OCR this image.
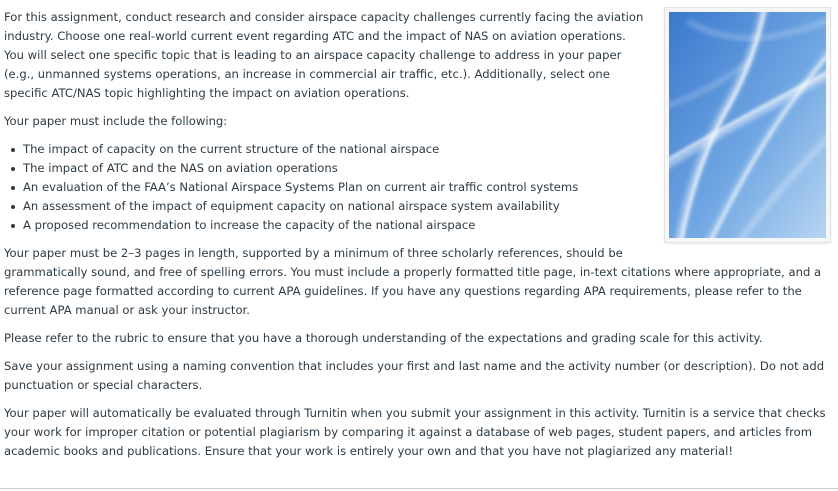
For this assignment, conduct research and consider airspace capacity challenges currently facing the aviation industry. Choose one real-world current event regarding ATC and the impact of NAS on aviation operations. You will select one specific topic that is leading to an airspace capacity challenge to address in your paper (e.g., unmanned systems operations, an increase in commercial air traffic, etc.). Additionally, select one specific ATC/NAS topic highlighting the impact on aviation operations.

Your paper must include the following:

The impact of capacity on the current structure of the national airspace
The impact of ATC and the NAS on aviation operations
An evaluation of the FAA’s National Airspace Systems Plan on current air traffic control systems
An assessment of the impact of equipment capacity on national airspace system availability
A proposed recommendation to increase the capacity of the national airspace

Your paper must be 2–3 pages in length, supported by a minimum of three scholarly references, should be grammatically sound, and free of spelling errors. You must include a properly formatted title page, in-text citations where appropriate, and a reference page formatted according to current APA guidelines. If you have any questions regarding APA requirements, please refer to the current APA manual or ask your instructor.

Please refer to the rubric to ensure that you have a thorough understanding of the expectations and grading scale for this activity.

Save your assignment using a naming convention that includes your first and last name and the activity number (or description). Do not add punctuation or special characters.

Your paper will automatically be evaluated through Turnitin when you submit your assignment in this activity. Turnitin is a service that checks your work for improper citation or potential plagiarism by comparing it against a database of web pages, student papers, and articles from academic books and publications. Ensure that your work is entirely your own and that you have not plagiarized any material!
